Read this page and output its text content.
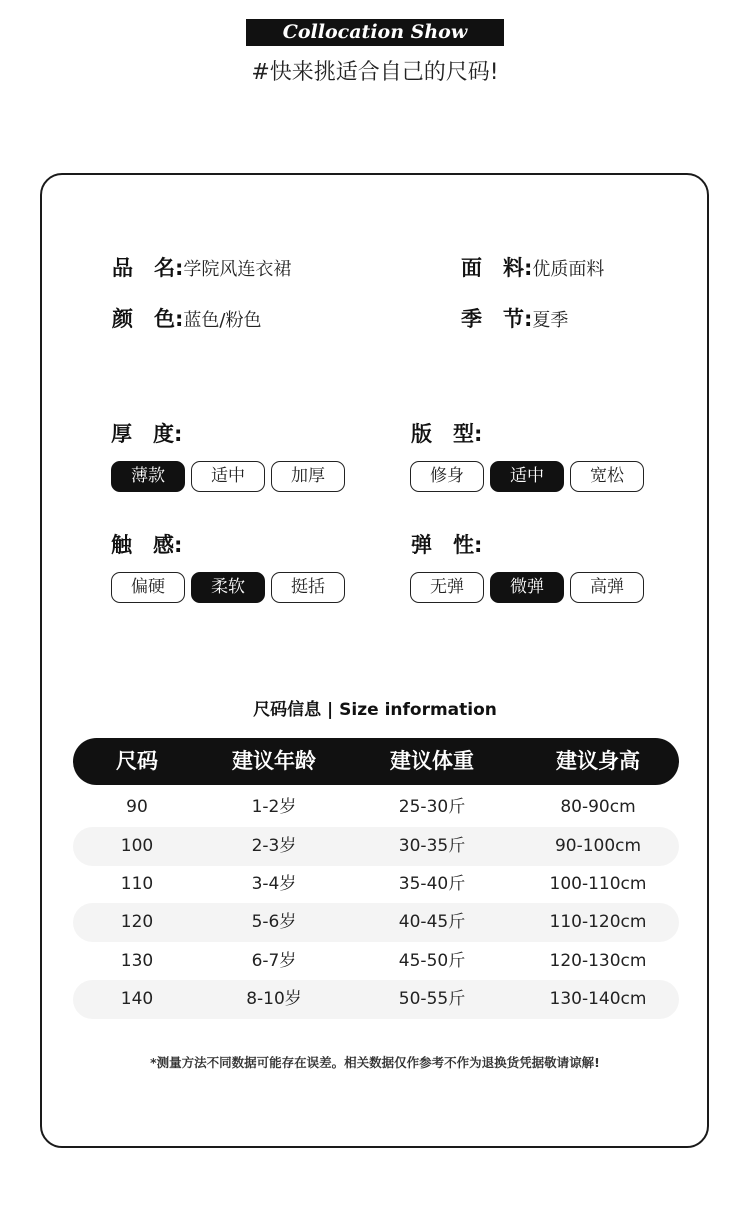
Collocation Show
#快来挑适合自己的尺码!
品　名:学院风连衣裙	面　料:优质面料
颜　色:蓝色/粉色	季　节:夏季
厚　度:
薄款	适中	加厚
版　型:
修身	适中	宽松
触　感:
偏硬	柔软	挺括
弹　性:
无弹	微弹	高弹
尺码信息 | Size information
尺码	建议年龄	建议体重	建议身高
90	1-2岁	25-30斤	80-90cm
100	2-3岁	30-35斤	90-100cm
110	3-4岁	35-40斤	100-110cm
120	5-6岁	40-45斤	110-120cm
130	6-7岁	45-50斤	120-130cm
140	8-10岁	50-55斤	130-140cm
*测量方法不同数据可能存在误差。相关数据仅作参考不作为退换货凭据敬请谅解!
